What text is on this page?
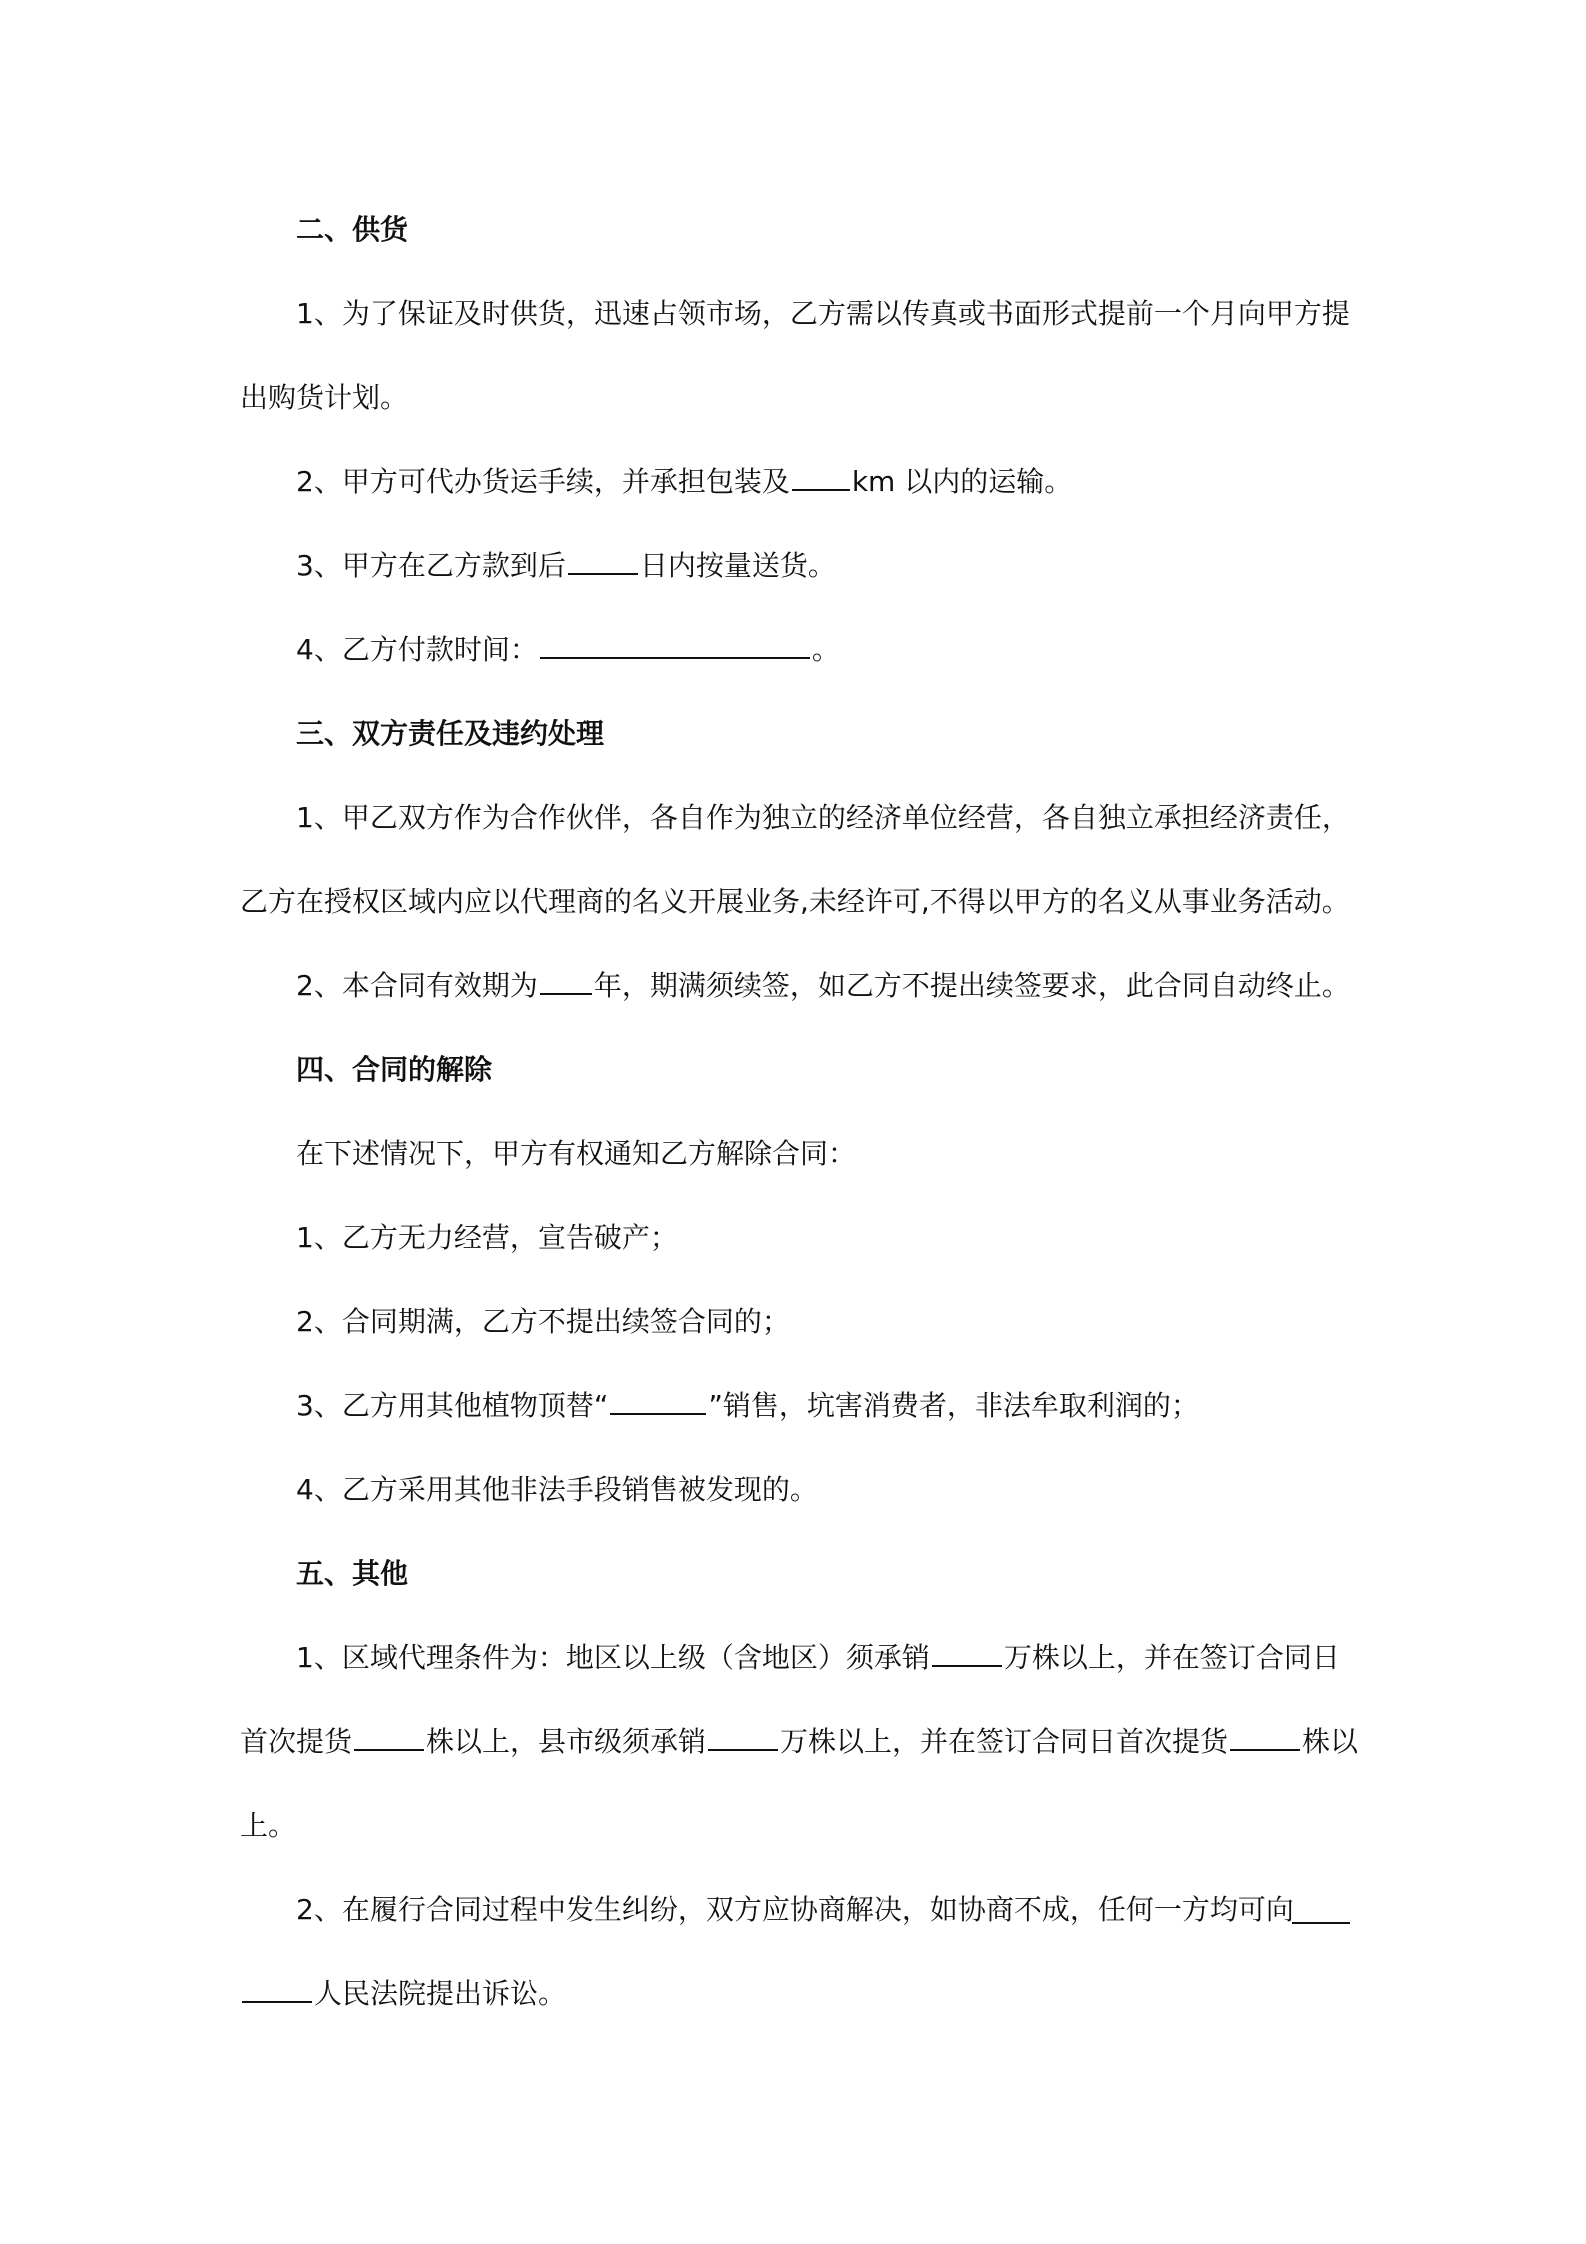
二、供货
1、为了保证及时供货，迅速占领市场，乙方需以传真或书面形式提前一个月向甲方提
出购货计划。
2、甲方可代办货运手续，并承担包装及 km 以内的运输。
3、甲方在乙方款到后	日内按量送货。
4、乙方付款时间：	。
三、双方责任及违约处理
1、甲乙双方作为合作伙伴，各自作为独立的经济单位经营，各自独立承担经济责任，
乙方在授权区域内应以代理商的名义开展业务,未经许可,不得以甲方的名义从事业务活动。
2、本合同有效期为 年，期满须续签，如乙方不提出续签要求，此合同自动终止。
四、合同的解除
在下述情况下，甲方有权通知乙方解除合同：
1、乙方无力经营，宣告破产；
2、合同期满，乙方不提出续签合同的；
3、乙方用其他植物顶替“	”销售，坑害消费者，非法牟取利润的；
4、乙方采用其他非法手段销售被发现的。
五、其他
1、区域代理条件为：地区以上级（含地区）须承销	万株以上，并在签订合同日
首次提货	株以上，县市级须承销	万株以上，并在签订合同日首次提货	株以
上。
2、在履行合同过程中发生纠纷，双方应协商解决，如协商不成，任何一方均可向
人民法院提出诉讼。
